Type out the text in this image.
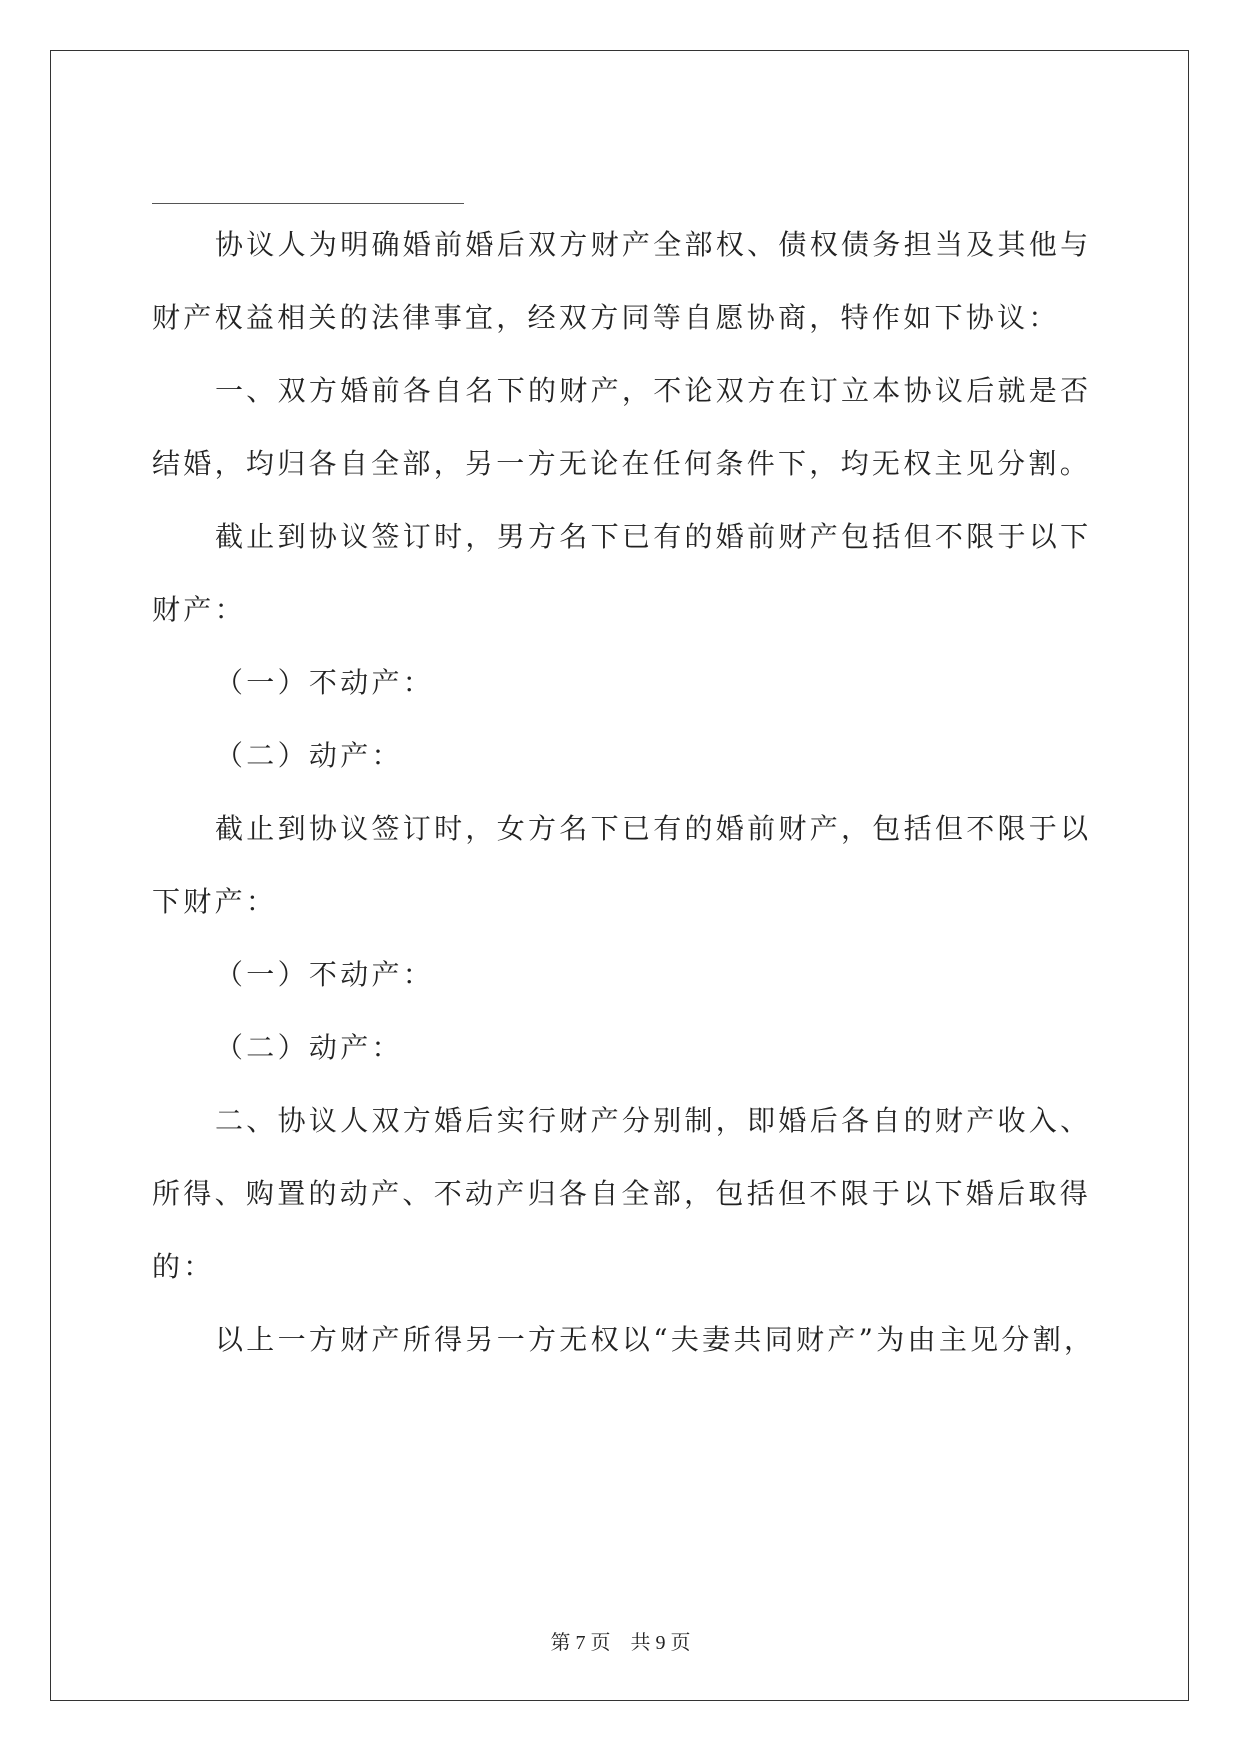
协议人为明确婚前婚后双方财产全部权、债权债务担当及其他与
财产权益相关的法律事宜，经双方同等自愿协商，特作如下协议：
一、双方婚前各自名下的财产，不论双方在订立本协议后就是否
结婚，均归各自全部，另一方无论在任何条件下，均无权主见分割。
截止到协议签订时，男方名下已有的婚前财产包括但不限于以下
财产：
（一）不动产：
（二）动产：
截止到协议签订时，女方名下已有的婚前财产，包括但不限于以
下财产：
（一）不动产：
（二）动产：
二、协议人双方婚后实行财产分别制，即婚后各自的财产收入、
所得、购置的动产、不动产归各自全部，包括但不限于以下婚后取得
的：
以上一方财产所得另一方无权以“夫妻共同财产”为由主见分割，
第 7 页    共 9 页
